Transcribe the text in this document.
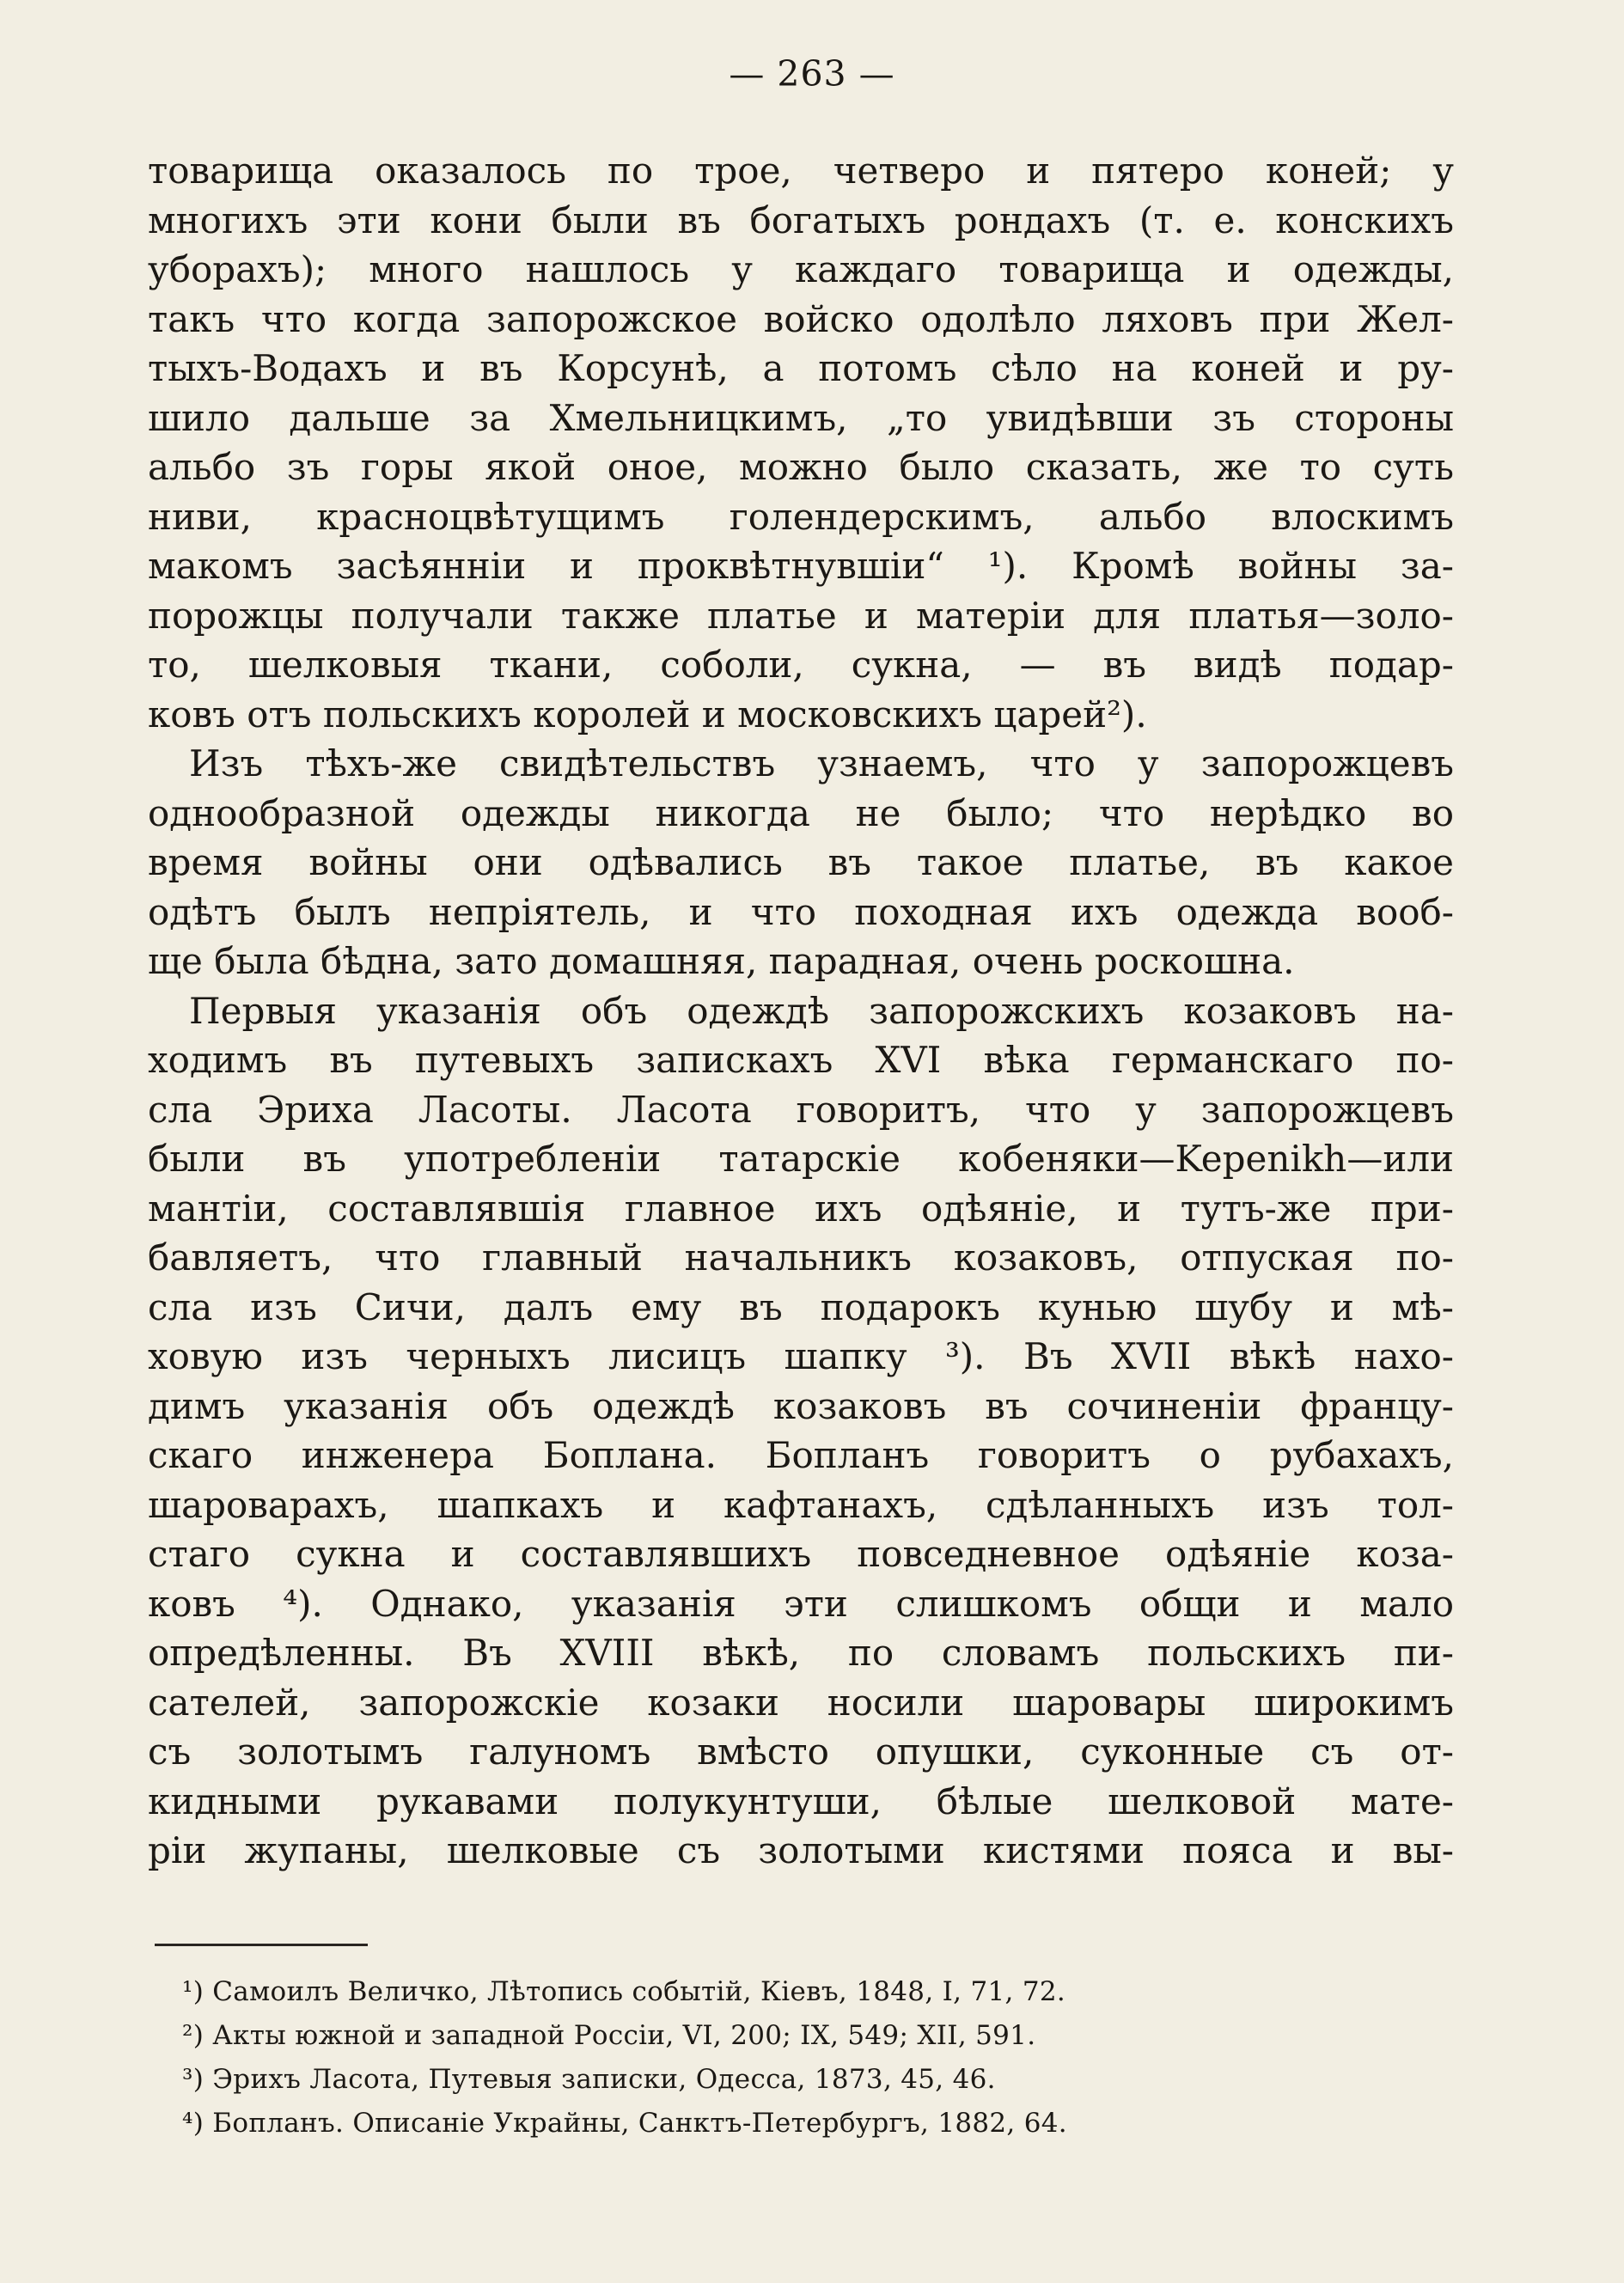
— 263 —
товарища оказалось по трое, четверо и пятеро коней; у
многихъ эти кони были въ богатыхъ рондахъ (т. е. конскихъ
уборахъ); много нашлось у каждаго товарища и одежды,
такъ что когда запорожское войско одолѣло ляховъ при Жел-
тыхъ-Водахъ и въ Корсунѣ, а потомъ сѣло на коней и ру-
шило дальше за Хмельницкимъ, „то увидѣвши зъ стороны
альбо зъ горы якой оное, можно было сказать, же то суть
ниви, красноцвѣтущимъ голендерскимъ, альбо влоскимъ
макомъ засѣяннiи и проквѣтнувшiи“ ¹). Кромѣ войны за-
порожцы получали также платье и матерiи для платья—золо-
то, шелковыя ткани, соболи, сукна, — въ видѣ подар-
ковъ отъ польскихъ королей и московскихъ царей²).
Изъ тѣхъ-же свидѣтельствъ узнаемъ, что у запорожцевъ
однообразной одежды никогда не было; что нерѣдко во
время войны они одѣвались въ такое платье, въ какое
одѣтъ былъ непрiятель, и что походная ихъ одежда вооб-
ще была бѣдна, зато домашняя, парадная, очень роскошна.
Первыя указанiя объ одеждѣ запорожскихъ козаковъ на-
ходимъ въ путевыхъ запискахъ XVI вѣка германскаго по-
сла Эриха Ласоты. Ласота говоритъ, что у запорожцевъ
были въ употребленiи татарскiе кобеняки—Kepenikh—или
мантiи, составлявшiя главное ихъ одѣянiе, и тутъ-же при-
бавляетъ, что главный начальникъ козаковъ, отпуская по-
сла изъ Сичи, далъ ему въ подарокъ кунью шубу и мѣ-
ховую изъ черныхъ лисицъ шапку ³). Въ XVII вѣкѣ нахо-
димъ указанiя объ одеждѣ козаковъ въ сочиненiи францу-
скаго инженера Боплана. Бопланъ говоритъ о рубахахъ,
шароварахъ, шапкахъ и кафтанахъ, сдѣланныхъ изъ тол-
стаго сукна и составлявшихъ повседневное одѣянiе коза-
ковъ ⁴). Однако, указанiя эти слишкомъ общи и мало
опредѣленны. Въ XVIII вѣкѣ, по словамъ польскихъ пи-
сателей, запорожскiе козаки носили шаровары широкимъ
съ золотымъ галуномъ вмѣсто опушки, суконные съ от-
кидными рукавами полукунтуши, бѣлые шелковой мате-
рiи жупаны, шелковые съ золотыми кистями пояса и вы-
¹) Самоилъ Величко, Лѣтопись событiй, Кiевъ, 1848, I, 71, 72.
²) Акты южной и западной Россiи, VI, 200; IX, 549; XII, 591.
³) Эрихъ Ласота, Путевыя записки, Одесса, 1873, 45, 46.
⁴) Бопланъ. Описанiе Украйны, Санктъ-Петербургъ, 1882, 64.
